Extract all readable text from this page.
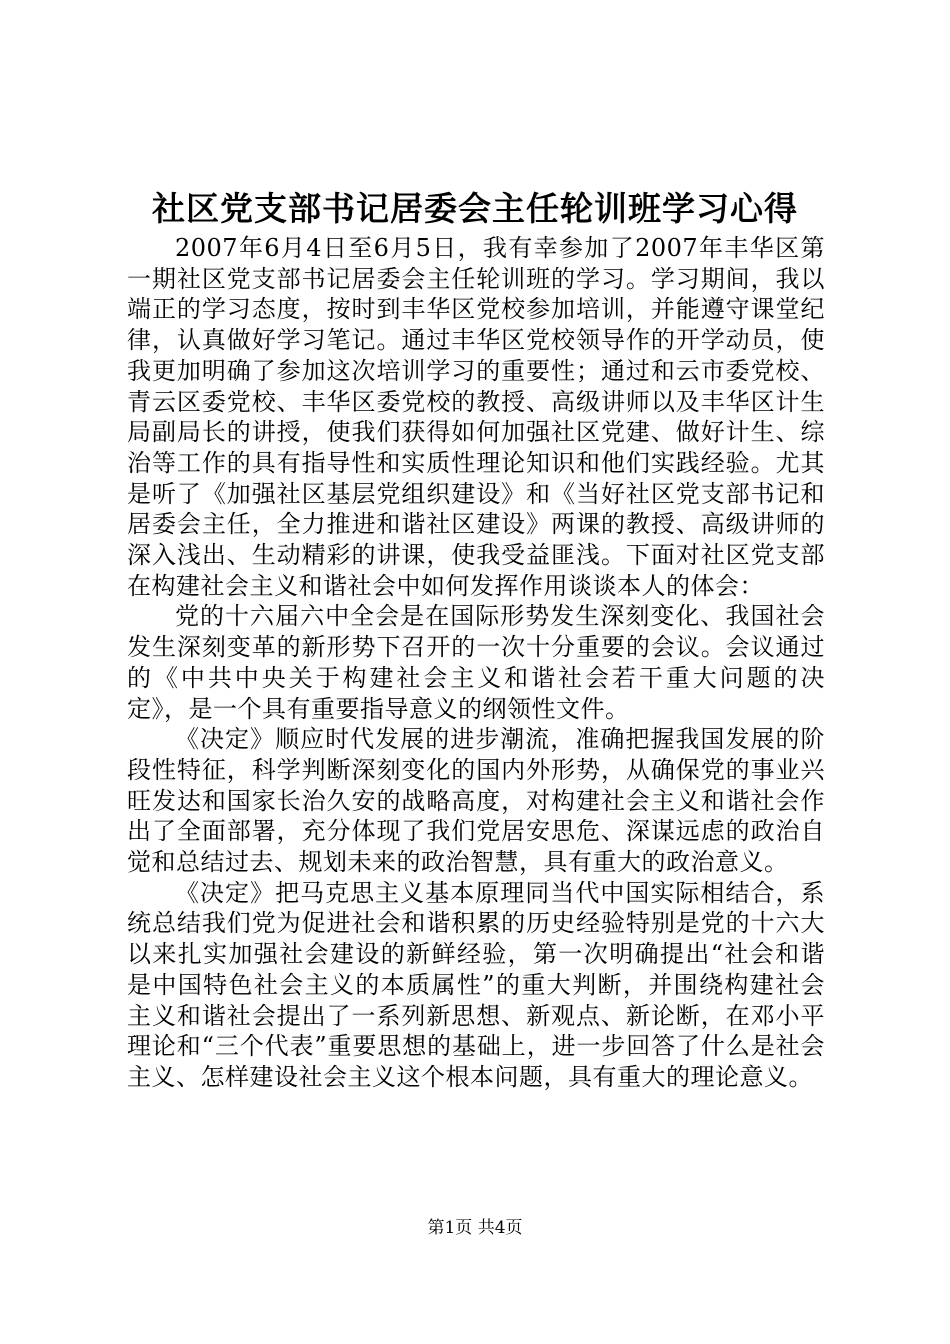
社区党支部书记居委会主任轮训班学习心得

2007年6月4日至6月5日，我有幸参加了2007年丰华区第一期社区党支部书记居委会主任轮训班的学习。学习期间，我以端正的学习态度，按时到丰华区党校参加培训，并能遵守课堂纪律，认真做好学习笔记。通过丰华区党校领导作的开学动员，使我更加明确了参加这次培训学习的重要性；通过和云市委党校、青云区委党校、丰华区委党校的教授、高级讲师以及丰华区计生局副局长的讲授，使我们获得如何加强社区党建、做好计生、综治等工作的具有指导性和实质性理论知识和他们实践经验。尤其是听了《加强社区基层党组织建设》和《当好社区党支部书记和居委会主任，全力推进和谐社区建设》两课的教授、高级讲师的深入浅出、生动精彩的讲课，使我受益匪浅。下面对社区党支部在构建社会主义和谐社会中如何发挥作用谈谈本人的体会：

党的十六届六中全会是在国际形势发生深刻变化、我国社会发生深刻变革的新形势下召开的一次十分重要的会议。会议通过的《中共中央关于构建社会主义和谐社会若干重大问题的决定》，是一个具有重要指导意义的纲领性文件。

《决定》顺应时代发展的进步潮流，准确把握我国发展的阶段性特征，科学判断深刻变化的国内外形势，从确保党的事业兴旺发达和国家长治久安的战略高度，对构建社会主义和谐社会作出了全面部署，充分体现了我们党居安思危、深谋远虑的政治自觉和总结过去、规划未来的政治智慧，具有重大的政治意义。

《决定》把马克思主义基本原理同当代中国实际相结合，系统总结我们党为促进社会和谐积累的历史经验特别是党的十六大以来扎实加强社会建设的新鲜经验，第一次明确提出“社会和谐是中国特色社会主义的本质属性”的重大判断，并围绕构建社会主义和谐社会提出了一系列新思想、新观点、新论断，在邓小平理论和“三个代表”重要思想的基础上，进一步回答了什么是社会主义、怎样建设社会主义这个根本问题，具有重大的理论意义。

第1页 共4页
